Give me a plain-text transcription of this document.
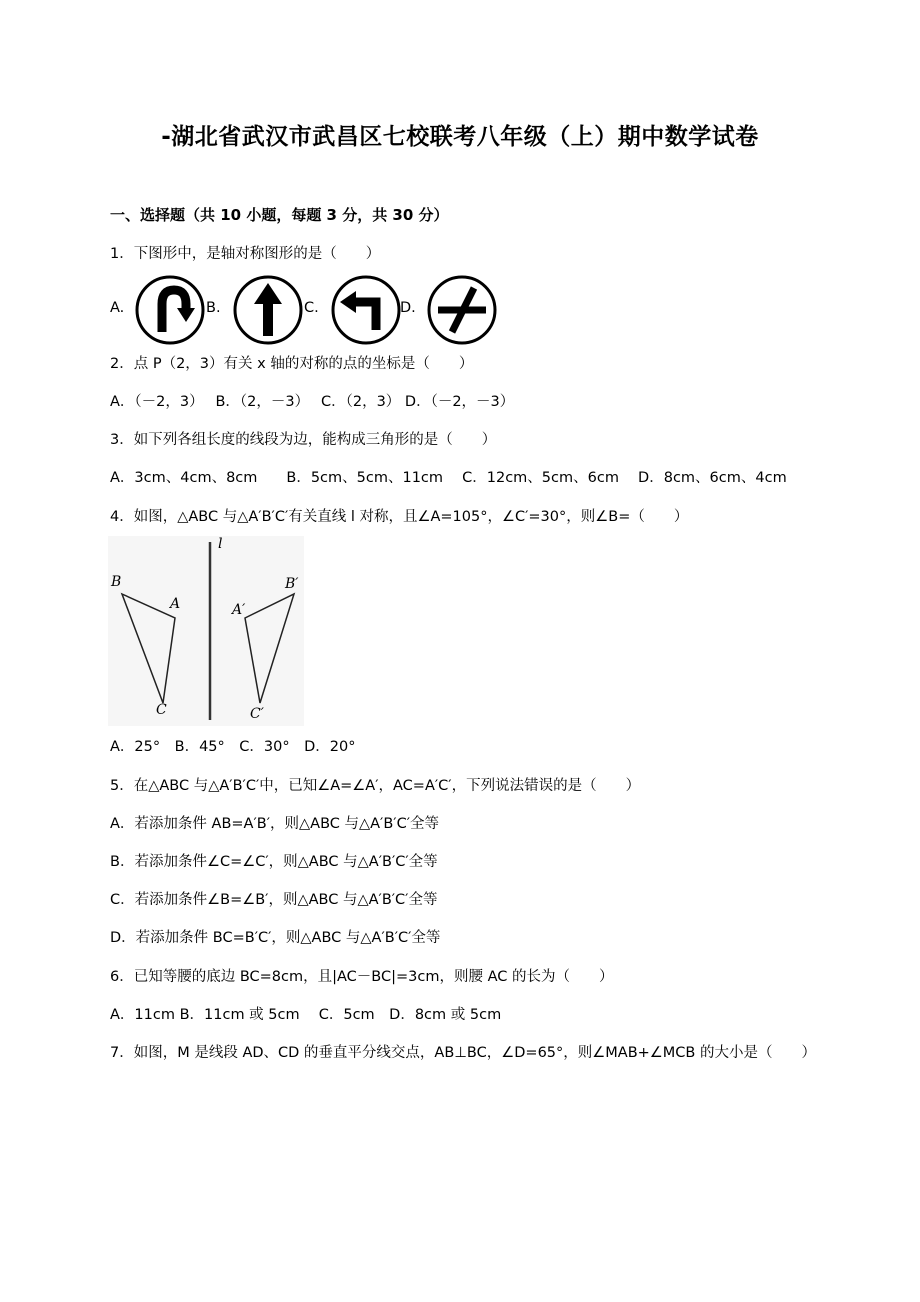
-湖北省武汉市武昌区七校联考八年级（上）期中数学试卷
一、选择题（共 10 小题，每题 3 分，共 30 分）
1．下图形中，是轴对称图形的是（　　）
A.	B.	C.	D.
2．点 P（2，3）有关 x 轴的对称的点的坐标是（　　）
A．（－2，3）　 B．（2，－3）　 C．（2，3） D．（－2，－3）
3．如下列各组长度的线段为边，能构成三角形的是（　　）
A．3cm、4cm、8cm　　B．5cm、5cm、11cm　 C．12cm、5cm、6cm　 D．8cm、6cm、4cm
4．如图，△ABC 与△A′B′C′有关直线 l 对称，且∠A=105°，∠C′=30°，则∠B=（　　）
l
B
A
C
A′
B′
C′
A．25°　B．45°　C．30°　D．20°
5．在△ABC 与△A′B′C′中，已知∠A=∠A′，AC=A′C′，下列说法错误的是（　　）
A．若添加条件 AB=A′B′，则△ABC 与△A′B′C′全等
B．若添加条件∠C=∠C′，则△ABC 与△A′B′C′全等
C．若添加条件∠B=∠B′，则△ABC 与△A′B′C′全等
D．若添加条件 BC=B′C′，则△ABC 与△A′B′C′全等
6．已知等腰的底边 BC=8cm，且|AC－BC|=3cm，则腰 AC 的长为（　　）
A．11cm B．11cm 或 5cm　 C．5cm　D．8cm 或 5cm
7．如图，M 是线段 AD、CD 的垂直平分线交点，AB⊥BC，∠D=65°，则∠MAB+∠MCB 的大小是（　　）
